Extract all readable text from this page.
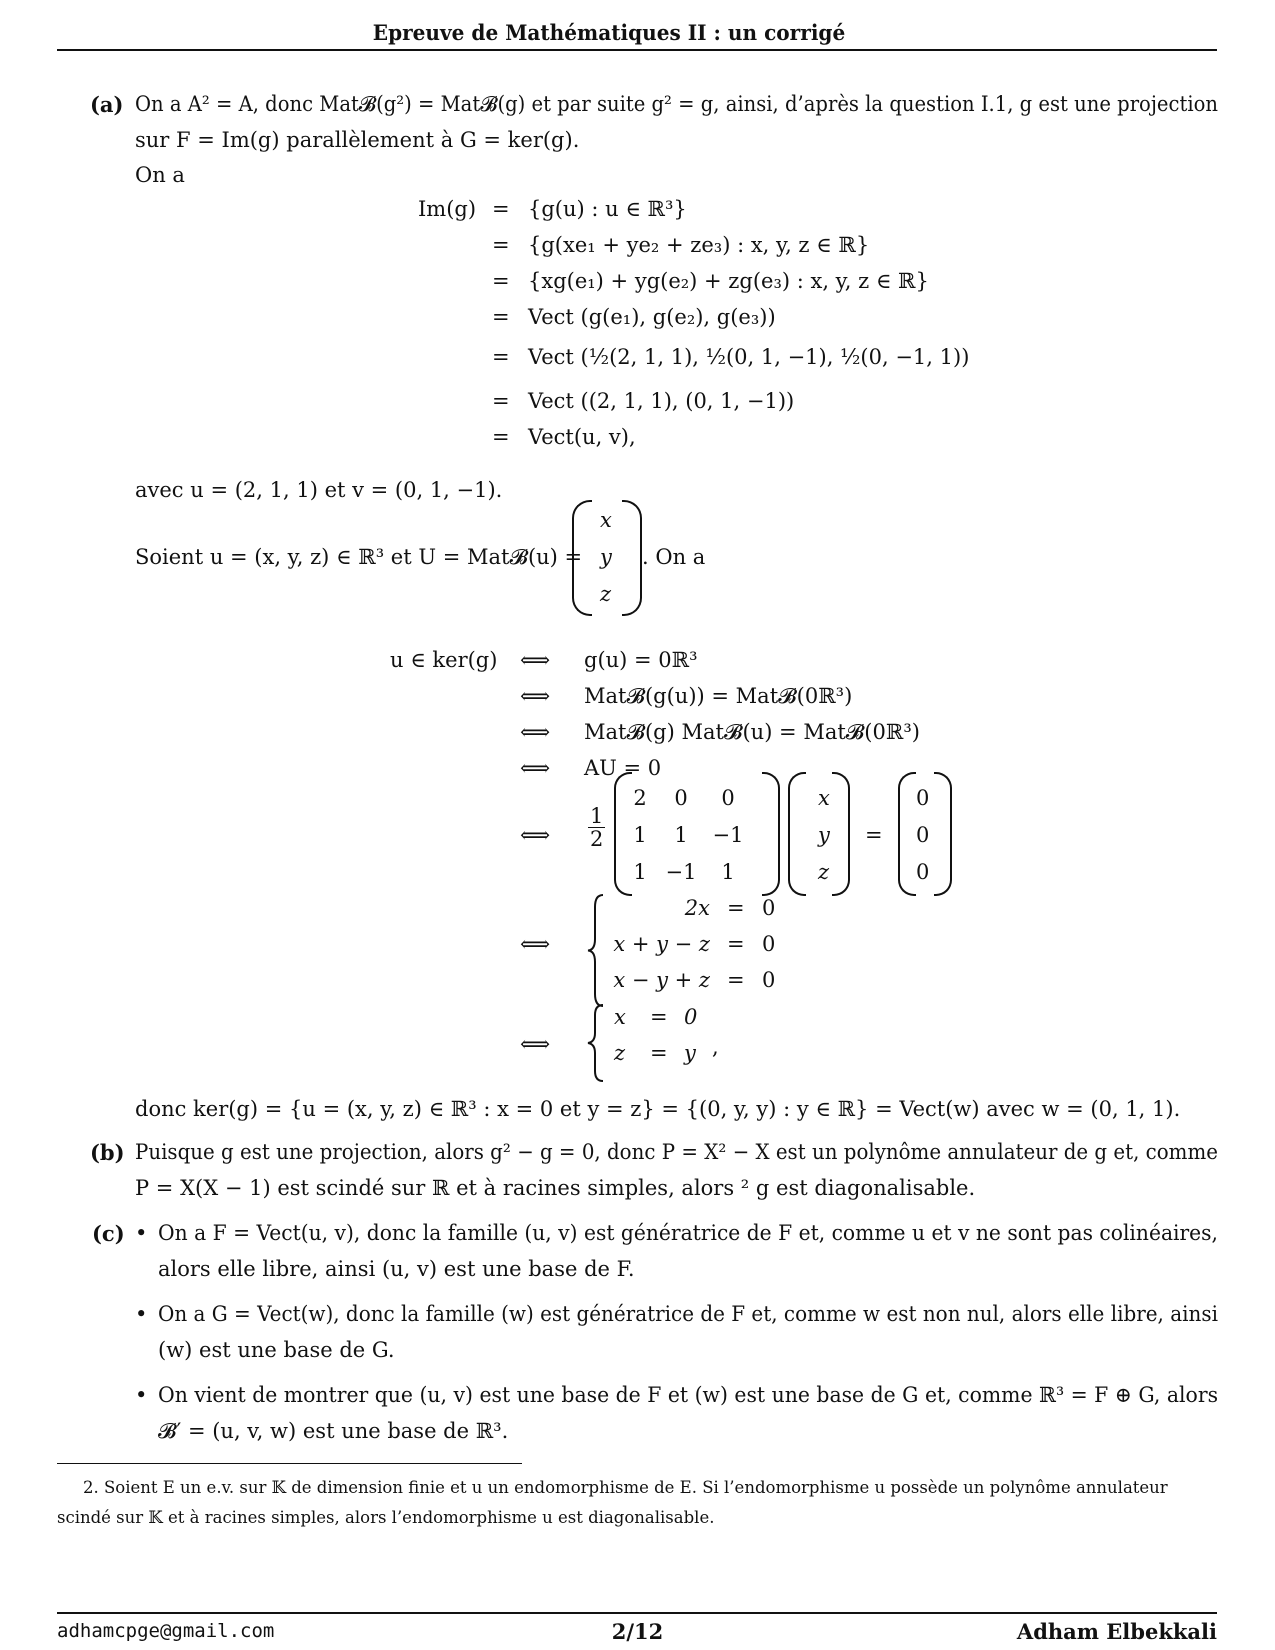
Epreuve de Mathématiques II : un corrigé
(a) On a A² = A, donc Mat𝓑(g²) = Mat𝓑(g) et par suite g² = g, ainsi, d’après la question I.1, g est une projection
sur F = Im(g) parallèlement à G = ker(g).
On a
Im(g) = {g(u) : u ∈ ℝ³}
= {g(xe₁ + ye₂ + ze₃) : x, y, z ∈ ℝ}
= {xg(e₁) + yg(e₂) + zg(e₃) : x, y, z ∈ ℝ}
= Vect (g(e₁), g(e₂), g(e₃))
= Vect (½(2, 1, 1), ½(0, 1, −1), ½(0, −1, 1))
= Vect ((2, 1, 1), (0, 1, −1))
= Vect(u, v),
avec u = (2, 1, 1) et v = (0, 1, −1).
Soient u = (x, y, z) ∈ ℝ³ et U = Mat𝓑(u) =
x
y
z
. On a
u ∈ ker(g) ⟺ g(u) = 0ℝ³
⟺ Mat𝓑(g(u)) = Mat𝓑(0ℝ³)
⟺ Mat𝓑(g) Mat𝓑(u) = Mat𝓑(0ℝ³)
⟺ AU = 0
⟺
1
2
2	0	0
1	1	−1
1 −1	1
x
y
z
=
0
0
0
⟺
2x = 0
x + y − z = 0
x − y + z = 0
⟺
x = 0
z = y ,
donc ker(g) = {u = (x, y, z) ∈ ℝ³ : x = 0 et y = z} = {(0, y, y) : y ∈ ℝ} = Vect(w) avec w = (0, 1, 1).
(b) Puisque g est une projection, alors g² − g = 0, donc P = X² − X est un polynôme annulateur de g et, comme
P = X(X − 1) est scindé sur ℝ et à racines simples, alors ² g est diagonalisable.
(c) • On a F = Vect(u, v), donc la famille (u, v) est génératrice de F et, comme u et v ne sont pas colinéaires,
alors elle libre, ainsi (u, v) est une base de F.
• On a G = Vect(w), donc la famille (w) est génératrice de F et, comme w est non nul, alors elle libre, ainsi
(w) est une base de G.
• On vient de montrer que (u, v) est une base de F et (w) est une base de G et, comme ℝ³ = F ⊕ G, alors
𝓑′ = (u, v, w) est une base de ℝ³.
2. Soient E un e.v. sur 𝕂 de dimension finie et u un endomorphisme de E. Si l’endomorphisme u possède un polynôme annulateur
scindé sur 𝕂 et à racines simples, alors l’endomorphisme u est diagonalisable.
adhamcpge@gmail.com	2/12	Adham Elbekkali
